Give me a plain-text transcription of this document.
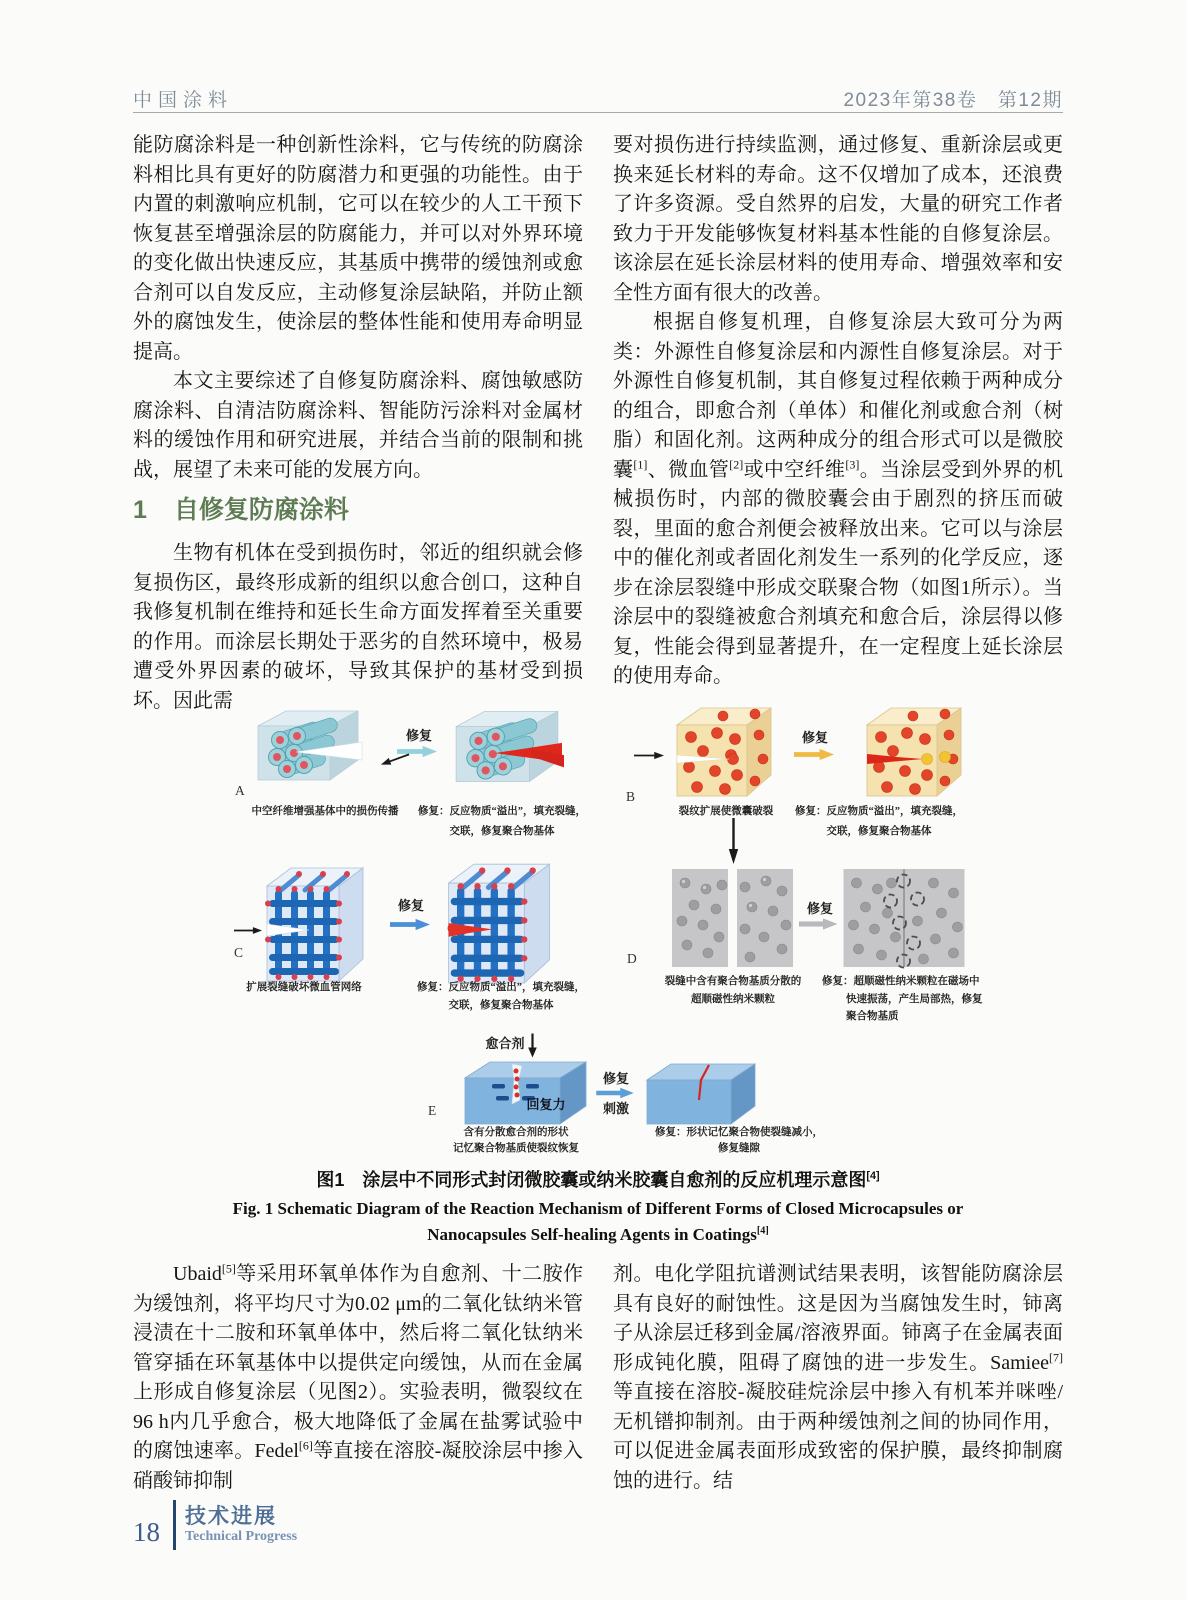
中国涂料	2023年第38卷　第12期

能防腐涂料是一种创新性涂料，它与传统的防腐涂料相比具有更好的防腐潜力和更强的功能性。由于内置的刺激响应机制，它可以在较少的人工干预下恢复甚至增强涂层的防腐能力，并可以对外界环境的变化做出快速反应，其基质中携带的缓蚀剂或愈合剂可以自发反应，主动修复涂层缺陷，并防止额外的腐蚀发生，使涂层的整体性能和使用寿命明显提高。

本文主要综述了自修复防腐涂料、腐蚀敏感防腐涂料、自清洁防腐涂料、智能防污涂料对金属材料的缓蚀作用和研究进展，并结合当前的限制和挑战，展望了未来可能的发展方向。

1 自修复防腐涂料

生物有机体在受到损伤时，邻近的组织就会修复损伤区，最终形成新的组织以愈合创口，这种自我修复机制在维持和延长生命方面发挥着至关重要的作用。而涂层长期处于恶劣的自然环境中，极易遭受外界因素的破坏，导致其保护的基材受到损坏。因此需

要对损伤进行持续监测，通过修复、重新涂层或更换来延长材料的寿命。这不仅增加了成本，还浪费了许多资源。受自然界的启发，大量的研究工作者致力于开发能够恢复材料基本性能的自修复涂层。该涂层在延长涂层材料的使用寿命、增强效率和安全性方面有很大的改善。

根据自修复机理，自修复涂层大致可分为两类：外源性自修复涂层和内源性自修复涂层。对于外源性自修复机制，其自修复过程依赖于两种成分的组合，即愈合剂（单体）和催化剂或愈合剂（树脂）和固化剂。这两种成分的组合形式可以是微胶囊[1]、微血管[2]或中空纤维[3]。当涂层受到外界的机械损伤时，内部的微胶囊会由于剧烈的挤压而破裂，里面的愈合剂便会被释放出来。它可以与涂层中的催化剂或者固化剂发生一系列的化学反应，逐步在涂层裂缝中形成交联聚合物（如图1所示）。当涂层中的裂缝被愈合剂填充和愈合后，涂层得以修复，性能会得到显著提升，在一定程度上延长涂层的使用寿命。

修复
A
中空纤维增强基体中的损伤传播	修复：反应物质“溢出”，填充裂缝，
交联，修复聚合物基体
修复
B
裂纹扩展使微囊破裂	修复：反应物质“溢出”，填充裂缝，
交联，修复聚合物基体
修复
C
扩展裂缝破坏微血管网络	修复：反应物质“溢出”，填充裂缝，
交联，修复聚合物基体
修复
D
裂缝中含有聚合物基质分散的
超顺磁性纳米颗粒
修复：超顺磁性纳米颗粒在磁场中
快速振荡，产生局部热，修复
聚合物基质
愈合剂
回复力
修复
刺激
E
含有分散愈合剂的形状
记忆聚合物基质使裂纹恢复
修复：形状记忆聚合物使裂缝减小，
修复缝隙
图1　涂层中不同形式封闭微胶囊或纳米胶囊自愈剂的反应机理示意图[4]
Fig. 1 Schematic Diagram of the Reaction Mechanism of Different Forms of Closed Microcapsules or
Nanocapsules Self-healing Agents in Coatings[4]

Ubaid[5]等采用环氧单体作为自愈剂、十二胺作为缓蚀剂，将平均尺寸为0.02 μm的二氧化钛纳米管浸渍在十二胺和环氧单体中，然后将二氧化钛纳米管穿插在环氧基体中以提供定向缓蚀，从而在金属上形成自修复涂层（见图2）。实验表明，微裂纹在96 h内几乎愈合，极大地降低了金属在盐雾试验中的腐蚀速率。Fedel[6]等直接在溶胶-凝胶涂层中掺入硝酸铈抑制

剂。电化学阻抗谱测试结果表明，该智能防腐涂层具有良好的耐蚀性。这是因为当腐蚀发生时，铈离子从涂层迁移到金属/溶液界面。铈离子在金属表面形成钝化膜，阻碍了腐蚀的进一步发生。Samiee[7]等直接在溶胶-凝胶硅烷涂层中掺入有机苯并咪唑/无机镨抑制剂。由于两种缓蚀剂之间的协同作用，可以促进金属表面形成致密的保护膜，最终抑制腐蚀的进行。结

18
技术进展
Technical Progress
